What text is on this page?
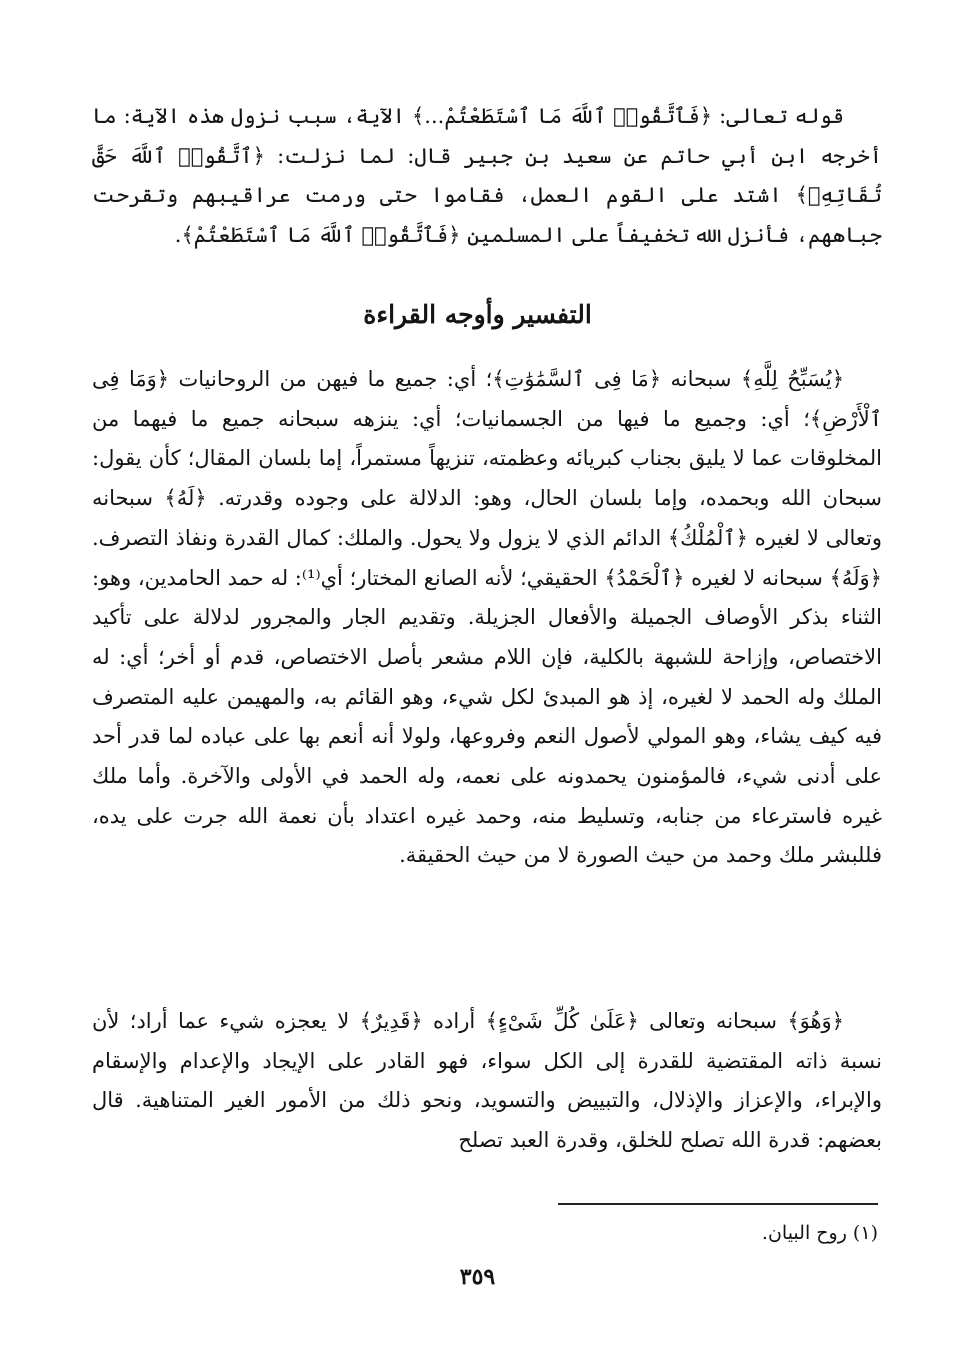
قوله تعالى: ﴿فَٱتَّقُوا۟ ٱللَّهَ مَا ٱسْتَطَعْتُمْ...﴾ الآية، سبب نزول هذه الآية: ما أخرجه ابن أبي حاتم عن سعيد بن جبير قال: لما نزلت: ﴿ٱتَّقُوا۟ ٱللَّهَ حَقَّ تُقَاتِهِۦ﴾ اشتد على القوم العمل، فقاموا حتى ورمت عراقيبهم وتقرحت جباههم، فأنزل الله تخفيفاً على المسلمين ﴿فَٱتَّقُوا۟ ٱللَّهَ مَا ٱسْتَطَعْتُمْ﴾.

التفسير وأوجه القراءة

﴿يُسَبِّحُ لِلَّهِ﴾ سبحانه ﴿مَا فِى ٱلسَّمَٰوَٰتِ﴾؛ أي: جميع ما فيهن من الروحانيات ﴿وَمَا فِى ٱلْأَرْضِ﴾؛ أي: وجميع ما فيها من الجسمانيات؛ أي: ينزهه سبحانه جميع ما فيهما من المخلوقات عما لا يليق بجناب كبريائه وعظمته، تنزيهاً مستمراً، إما بلسان المقال؛ كأن يقول: سبحان الله وبحمده، وإما بلسان الحال، وهو: الدلالة على وجوده وقدرته. ﴿لَهُ﴾ سبحانه وتعالى لا لغيره ﴿ٱلْمُلْكُ﴾ الدائم الذي لا يزول ولا يحول. والملك: كمال القدرة ونفاذ التصرف. ﴿وَلَهُ﴾ سبحانه لا لغيره ﴿ٱلْحَمْدُ﴾ الحقيقي؛ لأنه الصانع المختار؛ أي⁽¹⁾: له حمد الحامدين، وهو: الثناء بذكر الأوصاف الجميلة والأفعال الجزيلة. وتقديم الجار والمجرور لدلالة على تأكيد الاختصاص، وإزاحة للشبهة بالكلية، فإن اللام مشعر بأصل الاختصاص، قدم أو أخر؛ أي: له الملك وله الحمد لا لغيره، إذ هو المبدئ لكل شيء، وهو القائم به، والمهيمن عليه المتصرف فيه كيف يشاء، وهو المولي لأصول النعم وفروعها، ولولا أنه أنعم بها على عباده لما قدر أحد على أدنى شيء، فالمؤمنون يحمدونه على نعمه، وله الحمد في الأولى والآخرة. وأما ملك غيره فاسترعاء من جنابه، وتسليط منه، وحمد غيره اعتداد بأن نعمة الله جرت على يده، فللبشر ملك وحمد من حيث الصورة لا من حيث الحقيقة.

﴿وَهُوَ﴾ سبحانه وتعالى ﴿عَلَىٰ كُلِّ شَىْءٍ﴾ أراده ﴿قَدِيرٌ﴾ لا يعجزه شيء عما أراد؛ لأن نسبة ذاته المقتضية للقدرة إلى الكل سواء، فهو القادر على الإيجاد والإعدام والإسقام والإبراء، والإعزاز والإذلال، والتبييض والتسويد، ونحو ذلك من الأمور الغير المتناهية. قال بعضهم: قدرة الله تصلح للخلق، وقدرة العبد تصلح

(١) روح البيان.

٣٥٩
